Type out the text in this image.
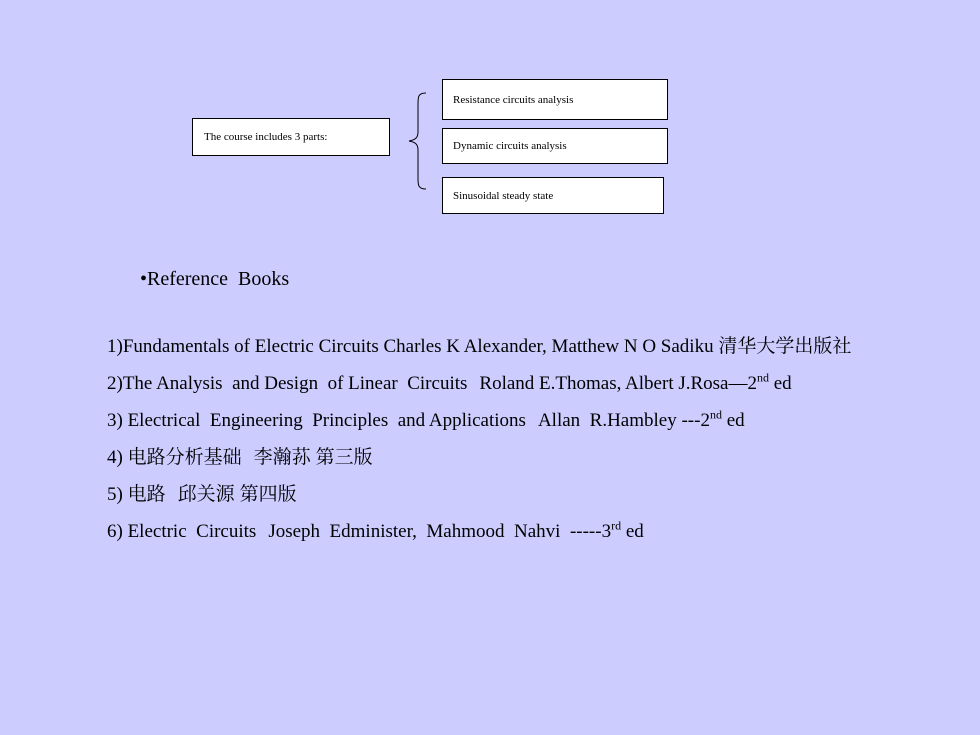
The course includes 3 parts:
Resistance circuits analysis
Dynamic circuits analysis
Sinusoidal steady state
•Reference  Books
1)Fundamentals of Electric Circuits Charles K Alexander, Matthew N O Sadiku 清华大学出版社
2)The Analysis  and Design  of Linear  Circuits Roland E.Thomas, Albert J.Rosa—2nd ed
3) Electrical  Engineering  Principles  and Applications Allan  R.Hambley ---2nd ed
4) 电路分析基础 李瀚荪 第三版
5) 电路 邱关源 第四版
6) Electric  Circuits Joseph  Edminister,  Mahmood  Nahvi  -----3rd ed
